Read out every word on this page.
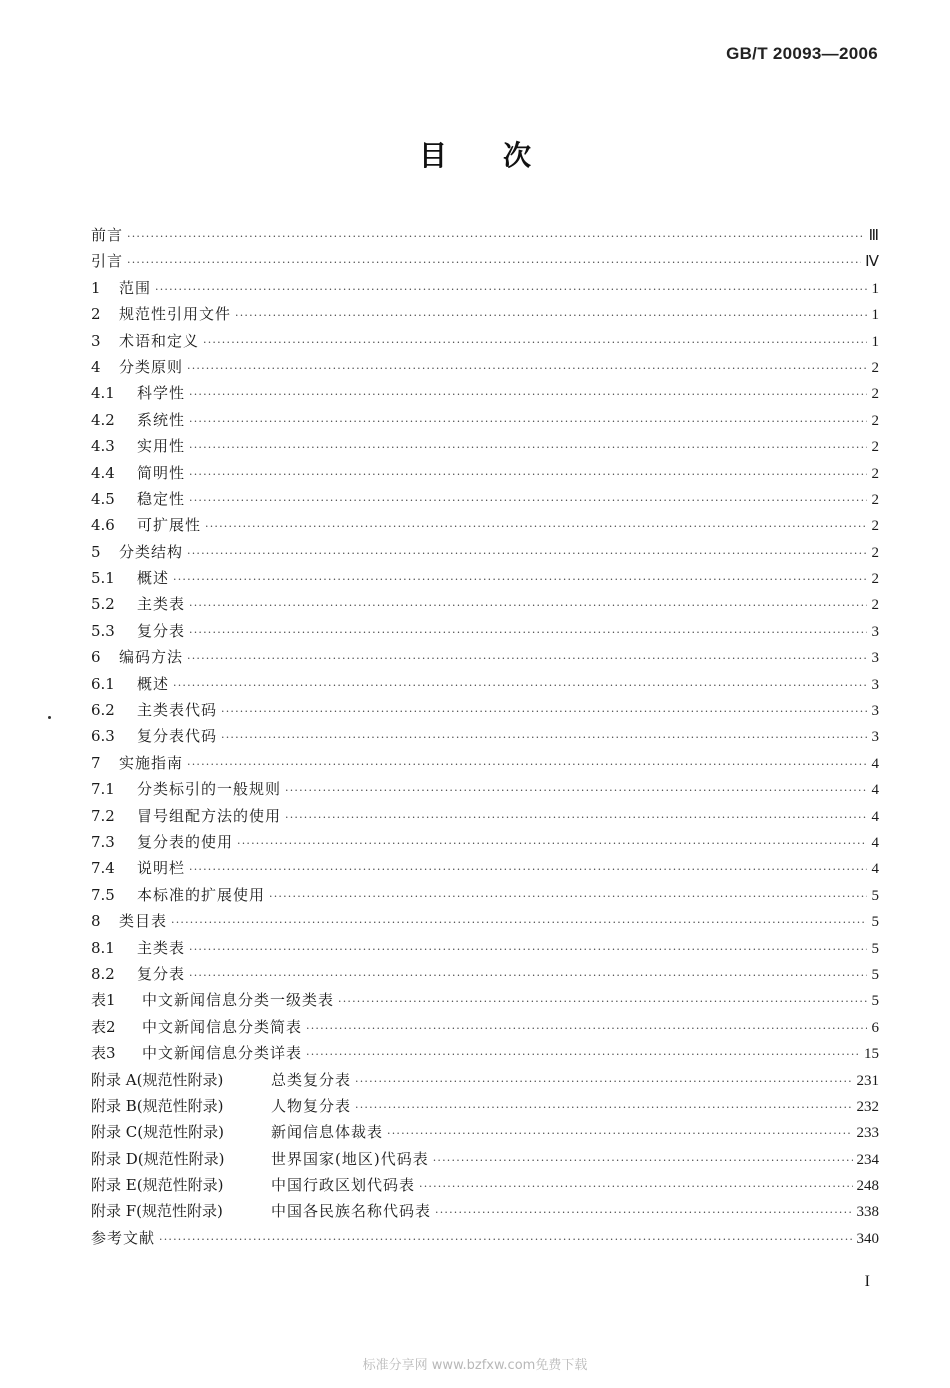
GB/T 20093—2006
目次
前言 ·····	Ⅲ
引言 ·····	Ⅳ
1	范围 ·····	1
2	规范性引用文件 ·····	1
3	术语和定义 ·····	1
4	分类原则 ·····	2
4.1	科学性 ·····	2
4.2	系统性 ·····	2
4.3	实用性 ·····	2
4.4	简明性 ·····	2
4.5	稳定性 ·····	2
4.6	可扩展性 ·····	2
5	分类结构 ·····	2
5.1	概述 ·····	2
5.2	主类表 ·····	2
5.3	复分表 ·····	3
6	编码方法 ·····	3
6.1	概述 ·····	3
6.2	主类表代码 ·····	3
6.3	复分表代码 ·····	3
7	实施指南 ·····	4
7.1	分类标引的一般规则 ·····	4
7.2	冒号组配方法的使用 ·····	4
7.3	复分表的使用 ·····	4
7.4	说明栏 ·····	4
7.5	本标准的扩展使用 ·····	5
8	类目表 ·····	5
8.1	主类表 ·····	5
8.2	复分表 ·····	5
表1	中文新闻信息分类一级类表 ·····	5
表2	中文新闻信息分类简表 ·····	6
表3	中文新闻信息分类详表 ·····	15
附录 A(规范性附录)	总类复分表 ·····	231
附录 B(规范性附录)	人物复分表 ·····	232
附录 C(规范性附录)	新闻信息体裁表 ·····	233
附录 D(规范性附录)	世界国家(地区)代码表 ·····	234
附录 E(规范性附录)	中国行政区划代码表 ·····	248
附录 F(规范性附录)	中国各民族名称代码表 ·····	338
参考文献 ·····	340
I
标准分享网 www.bzfxw.com免费下载
